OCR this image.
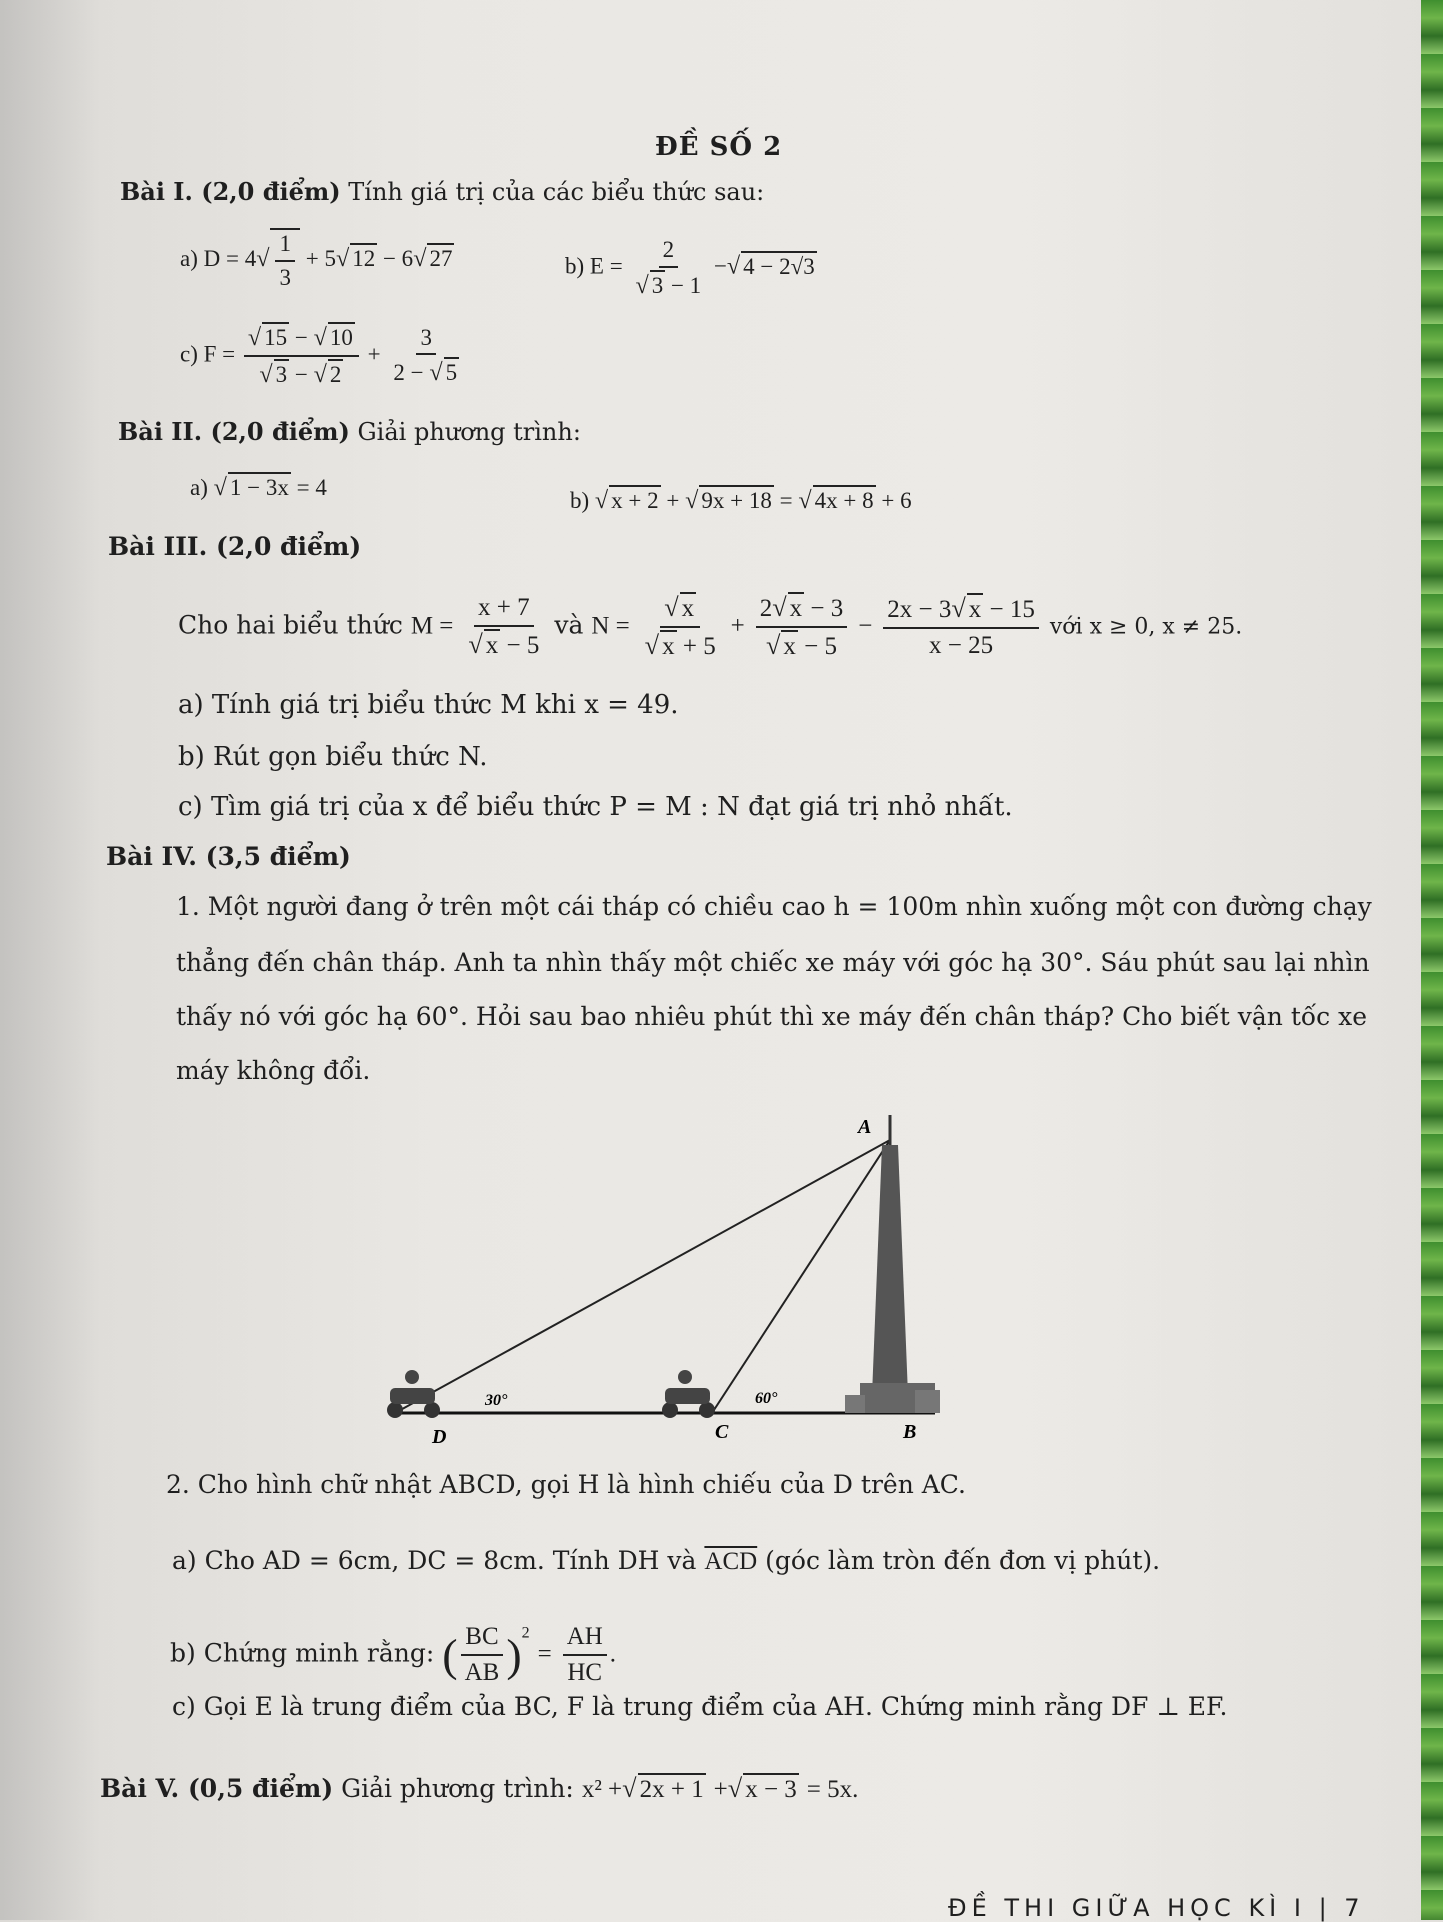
ĐỀ SỐ 2
Bài I. (2,0 điểm) Tính giá trị của các biểu thức sau:
a) $D = 4√ \frac{1}{3} + 5√$ 12 − 6√ 27	b) $E = \frac{2}{√ 3 - 1}$ −√ 4 − 2√3
c) $F = \frac{√ 15 - √ 10}{√ 3 - √ 2} + \frac{3}{2 - √ 5}$
Bài II. (2,0 điểm) Giải phương trình:
a) √ 1 − 3x = 4
b) √ x + 2 + √ 9x + 18 = √ 4x + 8 + 6
Bài III. (2,0 điểm)
Cho hai biểu thức $M = \frac{x + 7}{√ x - 5}$ và $N = \frac{√ x}{√ x + 5} + \frac{2√ x - 3}{√ x - 5} - \frac{2x - 3√ x - 15}{x - 25}$ với x ≥ 0, x ≠ 25.
a) Tính giá trị biểu thức M khi x = 49.
b) Rút gọn biểu thức N.
c) Tìm giá trị của x để biểu thức P = M : N đạt giá trị nhỏ nhất.
Bài IV. (3,5 điểm)
1. Một người đang ở trên một cái tháp có chiều cao h = 100m nhìn xuống một con đường chạy
thẳng đến chân tháp. Anh ta nhìn thấy một chiếc xe máy với góc hạ 30°. Sáu phút sau lại nhìn
thấy nó với góc hạ 60°. Hỏi sau bao nhiêu phút thì xe máy đến chân tháp? Cho biết vận tốc xe
máy không đổi.
A
B
C
D
30°	60°
2. Cho hình chữ nhật ABCD, gọi H là hình chiếu của D trên AC.
a) Cho AD = 6cm, DC = 8cm. Tính DH và $\overline{ACD}$ (góc làm tròn đến đơn vị phút).
b) Chứng minh rằng: ( $\frac{BC}{AB} )^2 = \frac{AH}{HC}$ .
c) Gọi E là trung điểm của BC, F là trung điểm của AH. Chứng minh rằng DF ⊥ EF.
Bài V. (0,5 điểm) Giải phương trình: x² +√ 2x + 1 +√ x − 3 = 5x.
ĐỀ THI GIỮA HỌC KÌ I | 7
